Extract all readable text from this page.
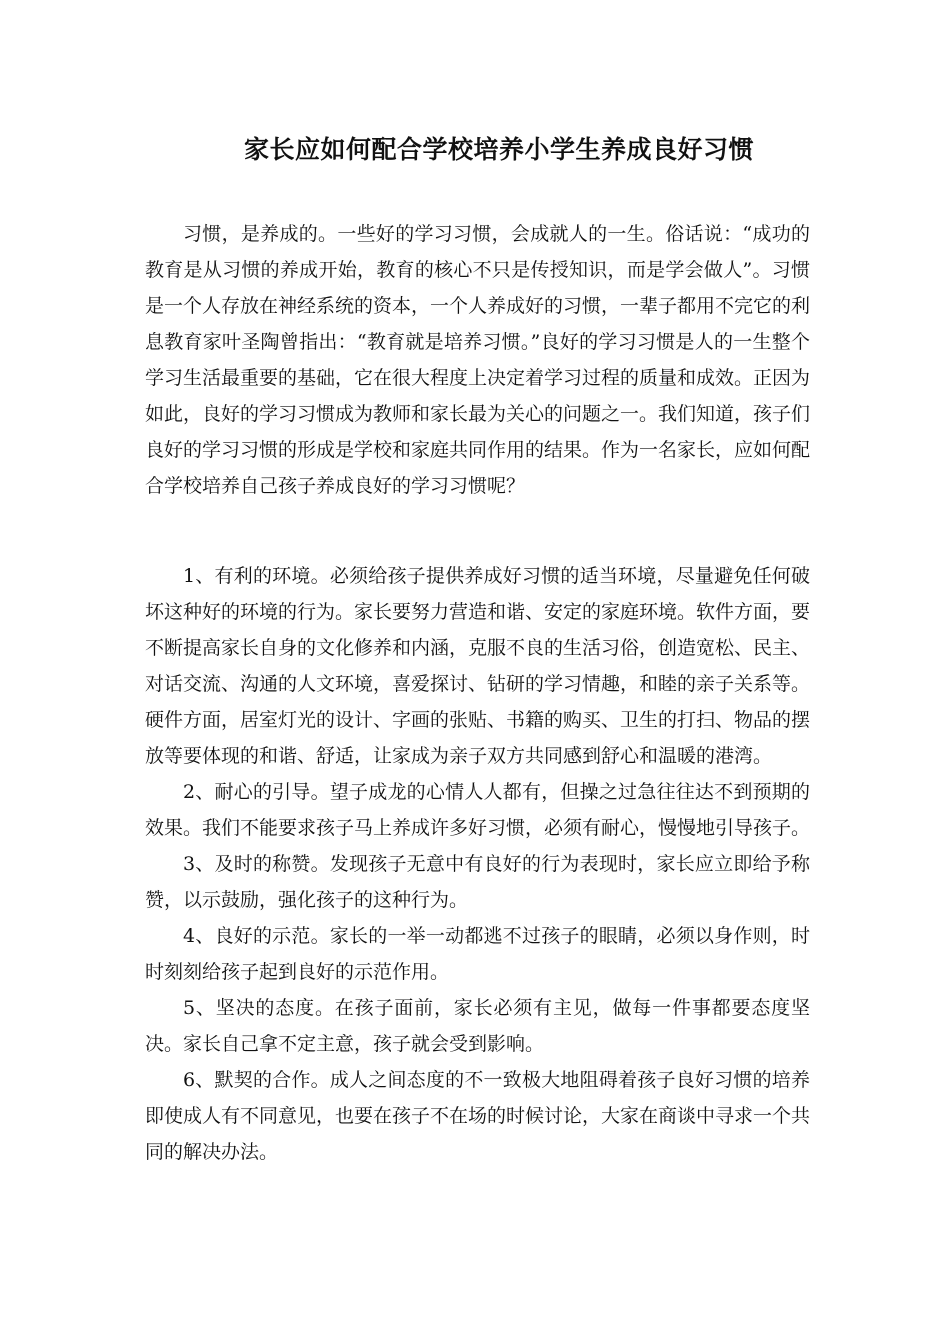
家长应如何配合学校培养小学生养成良好习惯

习惯，是养成的。一些好的学习习惯，会成就人的一生。俗话说：“成功的教育是从习惯的养成开始，教育的核心不只是传授知识，而是学会做人”。习惯是一个人存放在神经系统的资本，一个人养成好的习惯，一辈子都用不完它的利息教育家叶圣陶曾指出：“教育就是培养习惯。”良好的学习习惯是人的一生整个学习生活最重要的基础，它在很大程度上决定着学习过程的质量和成效。正因为如此，良好的学习习惯成为教师和家长最为关心的问题之一。我们知道，孩子们良好的学习习惯的形成是学校和家庭共同作用的结果。作为一名家长，应如何配合学校培养自己孩子养成良好的学习习惯呢？

1、有利的环境。必须给孩子提供养成好习惯的适当环境，尽量避免任何破坏这种好的环境的行为。家长要努力营造和谐、安定的家庭环境。软件方面，要不断提高家长自身的文化修养和内涵，克服不良的生活习俗，创造宽松、民主、对话交流、沟通的人文环境，喜爱探讨、钻研的学习情趣，和睦的亲子关系等。硬件方面，居室灯光的设计、字画的张贴、书籍的购买、卫生的打扫、物品的摆放等要体现的和谐、舒适，让家成为亲子双方共同感到舒心和温暖的港湾。

2、耐心的引导。望子成龙的心情人人都有，但操之过急往往达不到预期的效果。我们不能要求孩子马上养成许多好习惯，必须有耐心，慢慢地引导孩子。

3、及时的称赞。发现孩子无意中有良好的行为表现时，家长应立即给予称赞，以示鼓励，强化孩子的这种行为。

4、良好的示范。家长的一举一动都逃不过孩子的眼睛，必须以身作则，时时刻刻给孩子起到良好的示范作用。

5、坚决的态度。在孩子面前，家长必须有主见，做每一件事都要态度坚决。家长自己拿不定主意，孩子就会受到影响。

6、默契的合作。成人之间态度的不一致极大地阻碍着孩子良好习惯的培养即使成人有不同意见，也要在孩子不在场的时候讨论，大家在商谈中寻求一个共同的解决办法。
